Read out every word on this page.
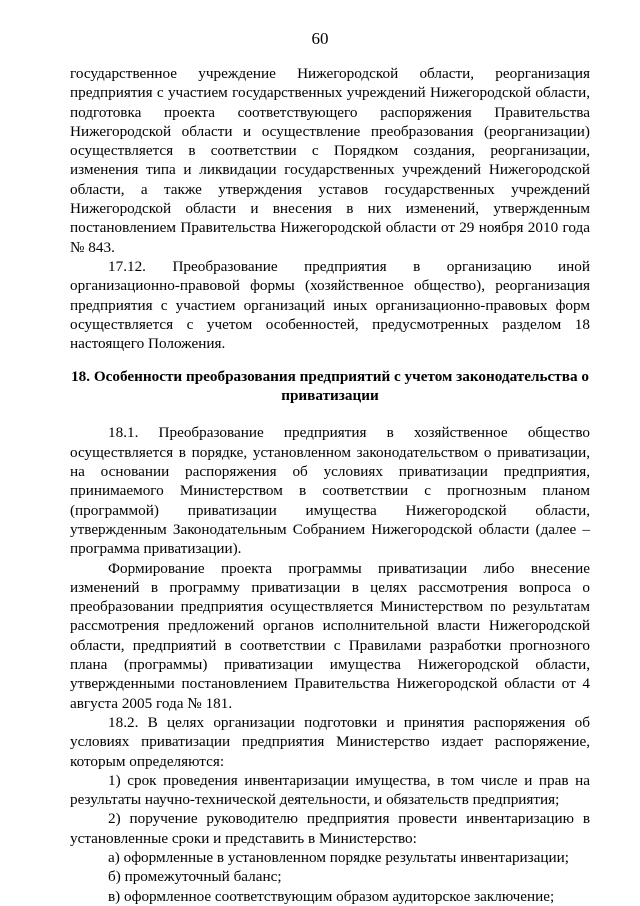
60

государственное учреждение Нижегородской области, реорганизация предприятия с участием государственных учреждений Нижегородской области, подготовка проекта соответствующего распоряжения Правительства Нижегородской области и осуществление преобразования (реорганизации) осуществляется в соответствии с Порядком создания, реорганизации, изменения типа и ликвидации государственных учреждений Нижегородской области, а также утверждения уставов государственных учреждений Нижегородской области и внесения в них изменений, утвержденным постановлением Правительства Нижегородской области от 29 ноября 2010 года № 843.

17.12. Преобразование предприятия в организацию иной организационно-правовой формы (хозяйственное общество), реорганизация предприятия с участием организаций иных организационно-правовых форм осуществляется с учетом особенностей, предусмотренных разделом 18 настоящего Положения.

18. Особенности преобразования предприятий с учетом законодательства о приватизации

18.1. Преобразование предприятия в хозяйственное общество осуществляется в порядке, установленном законодательством о приватизации, на основании распоряжения об условиях приватизации предприятия, принимаемого Министерством в соответствии с прогнозным планом (программой) приватизации имущества Нижегородской области, утвержденным Законодательным Собранием Нижегородской области (далее – программа приватизации).

Формирование проекта программы приватизации либо внесение изменений в программу приватизации в целях рассмотрения вопроса о преобразовании предприятия осуществляется Министерством по результатам рассмотрения предложений органов исполнительной власти Нижегородской области, предприятий в соответствии с Правилами разработки прогнозного плана (программы) приватизации имущества Нижегородской области, утвержденными постановлением Правительства Нижегородской области от 4 августа 2005 года № 181.

18.2. В целях организации подготовки и принятия распоряжения об условиях приватизации предприятия Министерство издает распоряжение, которым определяются:

1) срок проведения инвентаризации имущества, в том числе и прав на результаты научно-технической деятельности, и обязательств предприятия;

2) поручение руководителю предприятия провести инвентаризацию в установленные сроки и представить в Министерство:

а) оформленные в установленном порядке результаты инвентаризации;

б) промежуточный баланс;

в) оформленное соответствующим образом аудиторское заключение;
